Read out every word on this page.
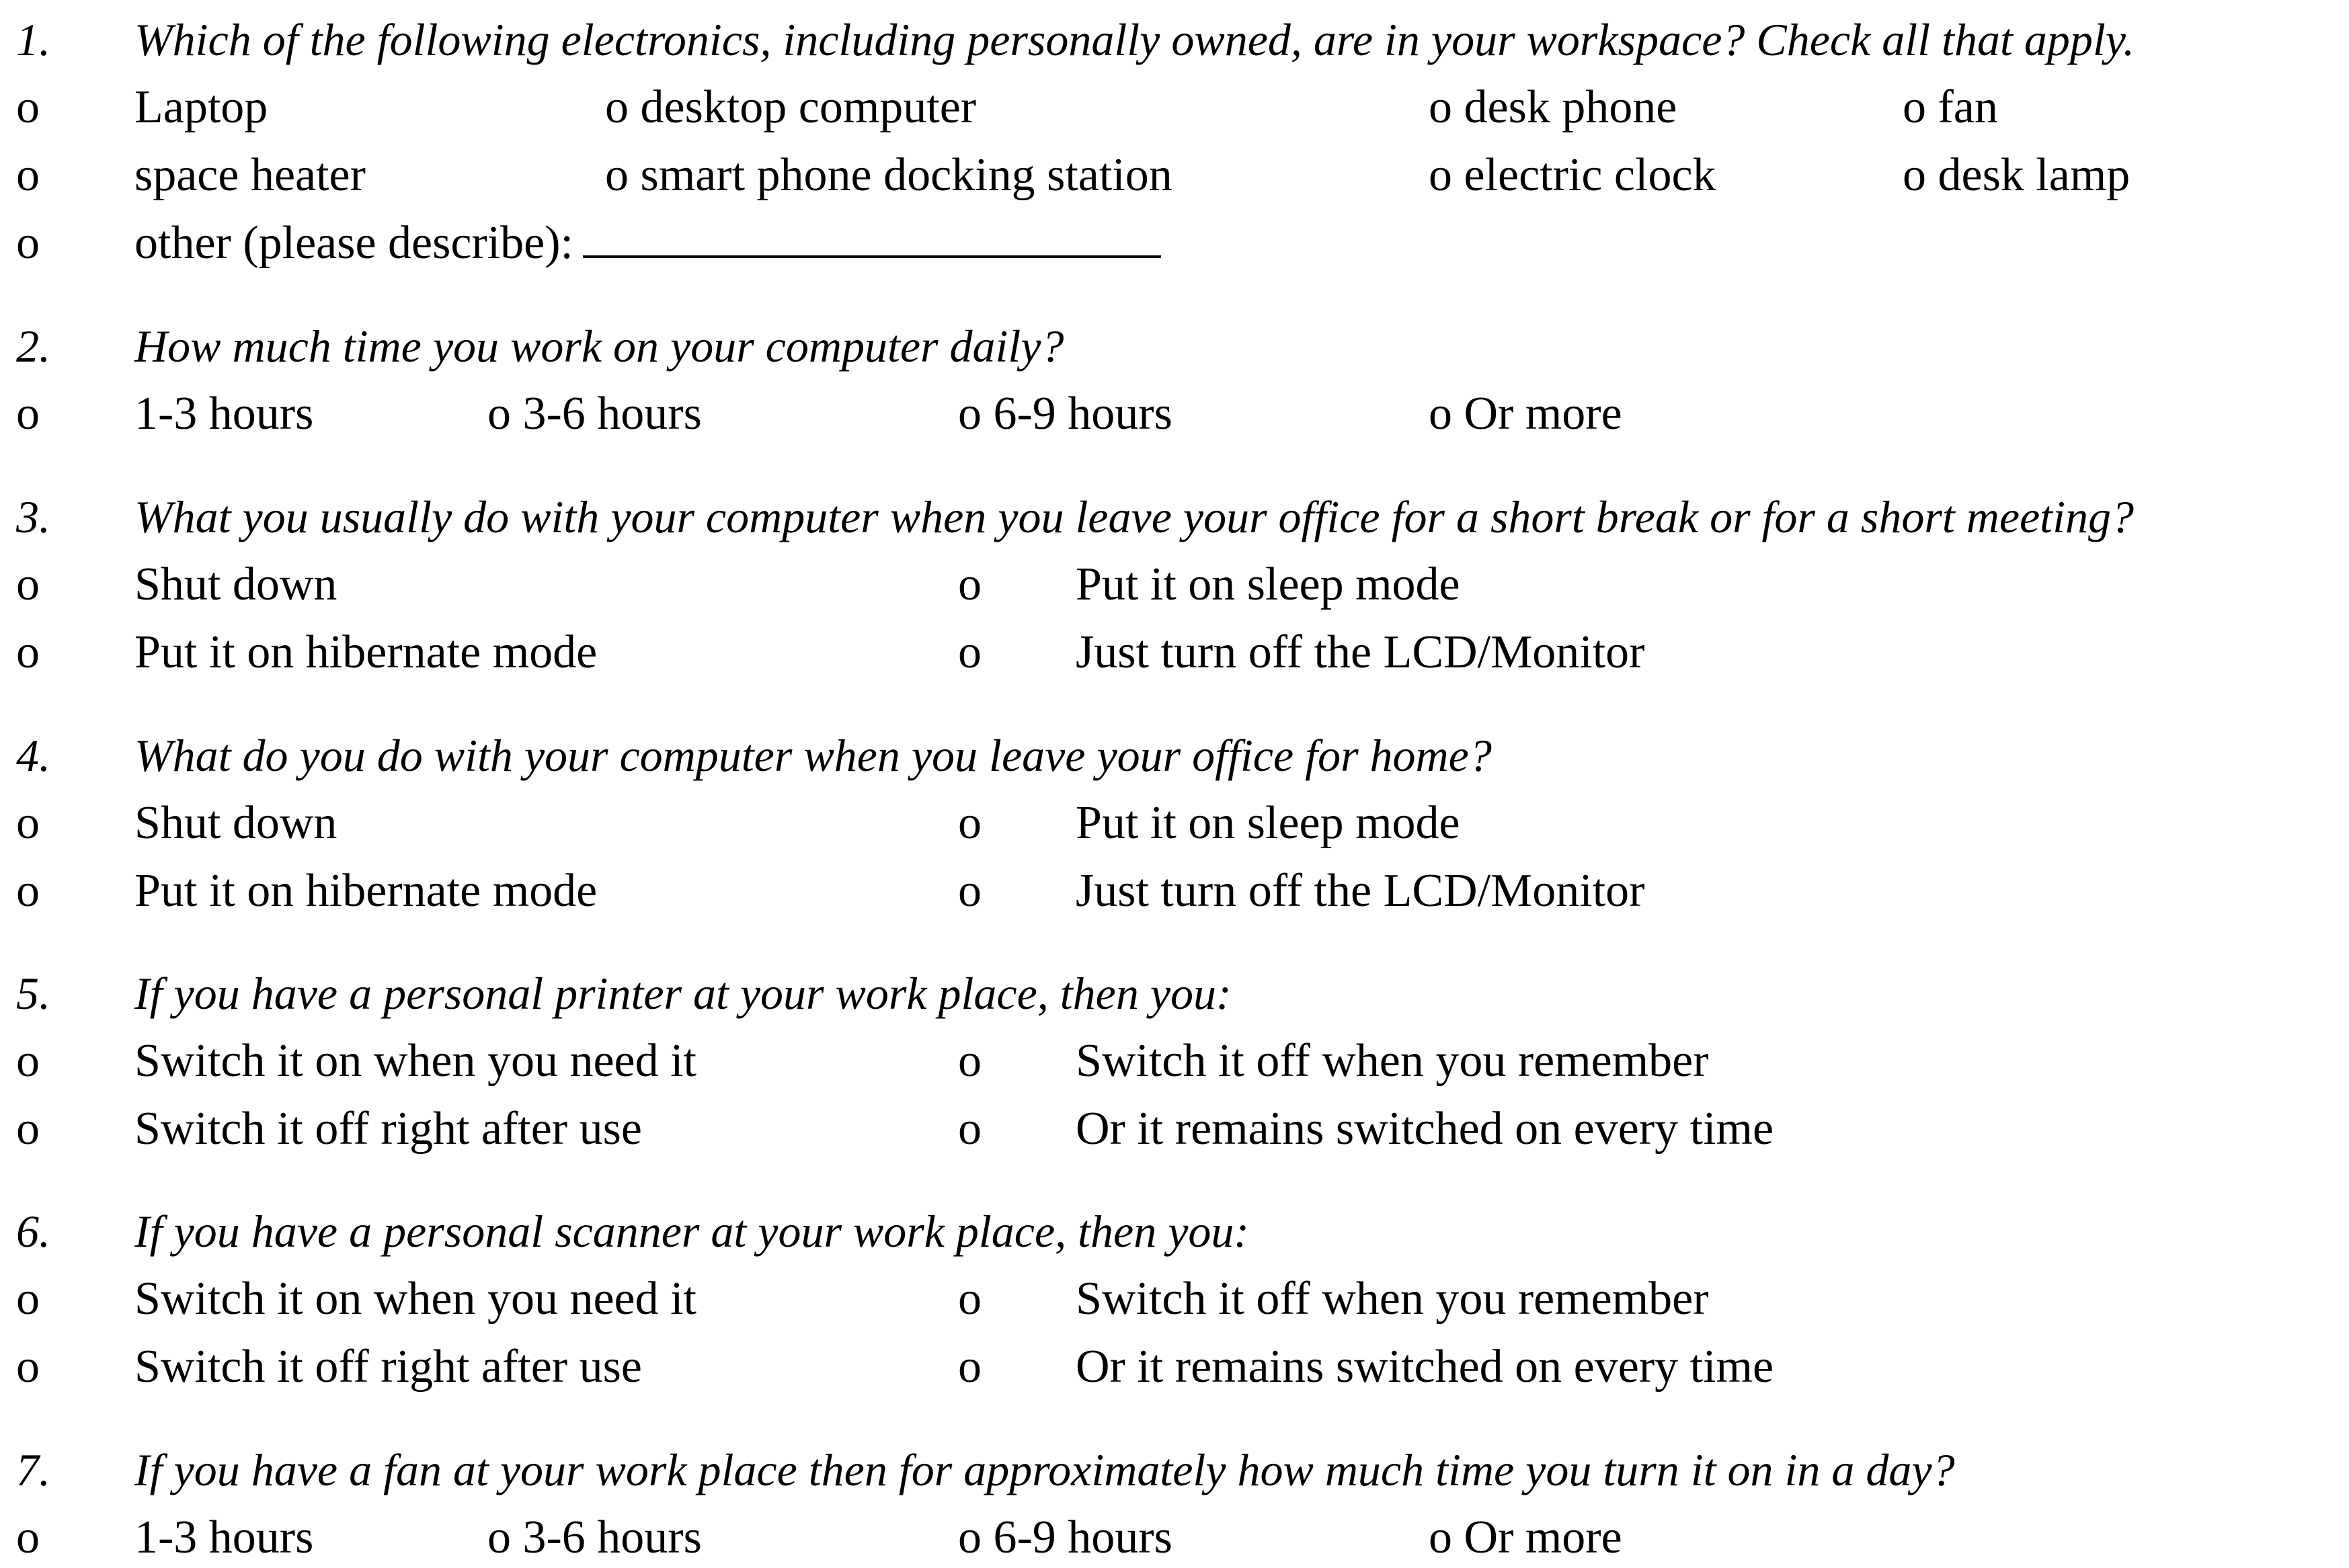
1. Which of the following electronics, including personally owned, are in your workspace? Check all that apply.
o Laptop	o desktop computer	o desk phone	o fan
o space heater	o smart phone docking station	o electric clock	o desk lamp
o other (please describe):
2. How much time you work on your computer daily?
o 1-3 hours	o 3-6 hours	o 6-9 hours	o Or more
3. What you usually do with your computer when you leave your office for a short break or for a short meeting?
o Shut down	o Put it on sleep mode
o Put it on hibernate mode	o Just turn off the LCD/Monitor
4. What do you do with your computer when you leave your office for home?
o Shut down	o Put it on sleep mode
o Put it on hibernate mode	o Just turn off the LCD/Monitor
5. If you have a personal printer at your work place, then you:
o Switch it on when you need it	o Switch it off when you remember
o Switch it off right after use	o Or it remains switched on every time
6. If you have a personal scanner at your work place, then you:
o Switch it on when you need it	o Switch it off when you remember
o Switch it off right after use	o Or it remains switched on every time
7. If you have a fan at your work place then for approximately how much time you turn it on in a day?
o 1-3 hours	o 3-6 hours	o 6-9 hours	o Or more
